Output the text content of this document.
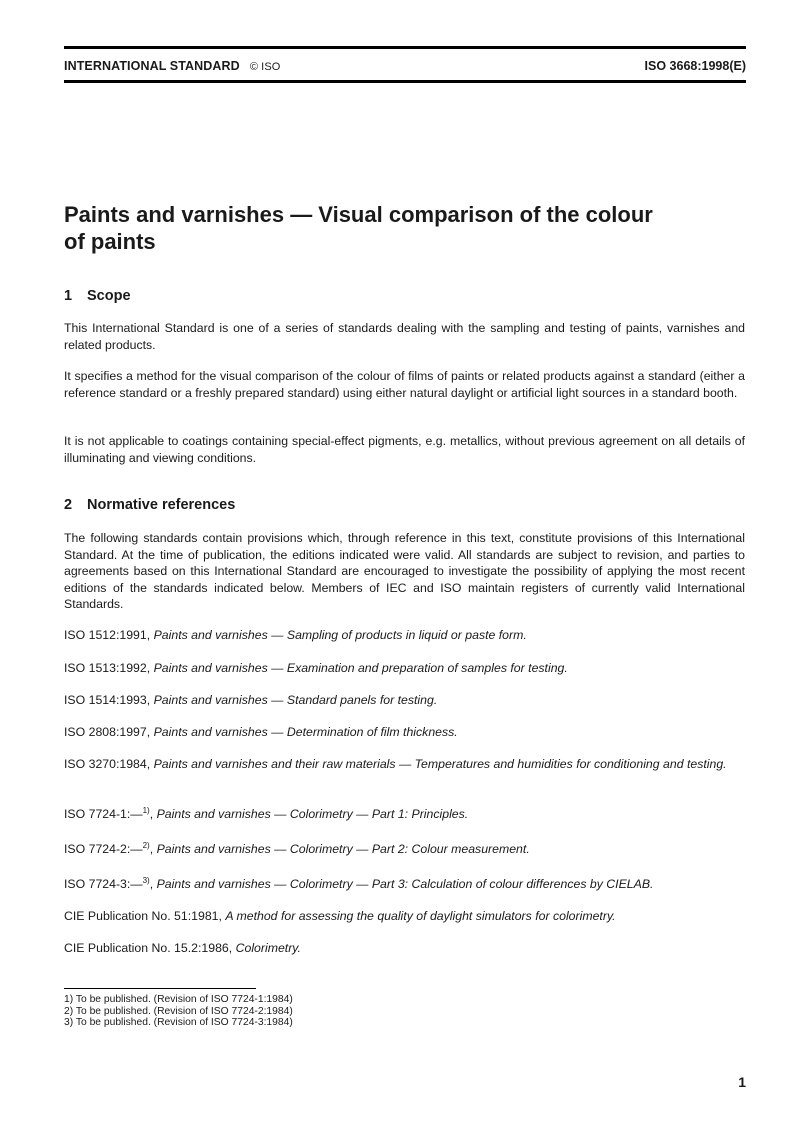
INTERNATIONAL STANDARD © ISO	ISO 3668:1998(E)
Paints and varnishes — Visual comparison of the colour
of paints
1 Scope

This International Standard is one of a series of standards dealing with the sampling and testing of paints, varnishes and related products.

It specifies a method for the visual comparison of the colour of films of paints or related products against a standard (either a reference standard or a freshly prepared standard) using either natural daylight or artificial light sources in a standard booth.

It is not applicable to coatings containing special-effect pigments, e.g. metallics, without previous agreement on all details of illuminating and viewing conditions.

2 Normative references

The following standards contain provisions which, through reference in this text, constitute provisions of this International Standard. At the time of publication, the editions indicated were valid. All standards are subject to revision, and parties to agreements based on this International Standard are encouraged to investigate the possibility of applying the most recent editions of the standards indicated below. Members of IEC and ISO maintain registers of currently valid International Standards.

ISO 1512:1991, Paints and varnishes — Sampling of products in liquid or paste form.

ISO 1513:1992, Paints and varnishes — Examination and preparation of samples for testing.

ISO 1514:1993, Paints and varnishes — Standard panels for testing.

ISO 2808:1997, Paints and varnishes — Determination of film thickness.

ISO 3270:1984, Paints and varnishes and their raw materials — Temperatures and humidities for conditioning and testing.

ISO 7724-1:—$^{1)}$, Paints and varnishes — Colorimetry — Part 1: Principles.

ISO 7724-2:—$^{2)}$, Paints and varnishes — Colorimetry — Part 2: Colour measurement.

ISO 7724-3:—$^{3)}$, Paints and varnishes — Colorimetry — Part 3: Calculation of colour differences by CIELAB.

CIE Publication No. 51:1981, A method for assessing the quality of daylight simulators for colorimetry.

CIE Publication No. 15.2:1986, Colorimetry.

1) To be published. (Revision of ISO 7724-1:1984)
2) To be published. (Revision of ISO 7724-2:1984)
3) To be published. (Revision of ISO 7724-3:1984)
1
